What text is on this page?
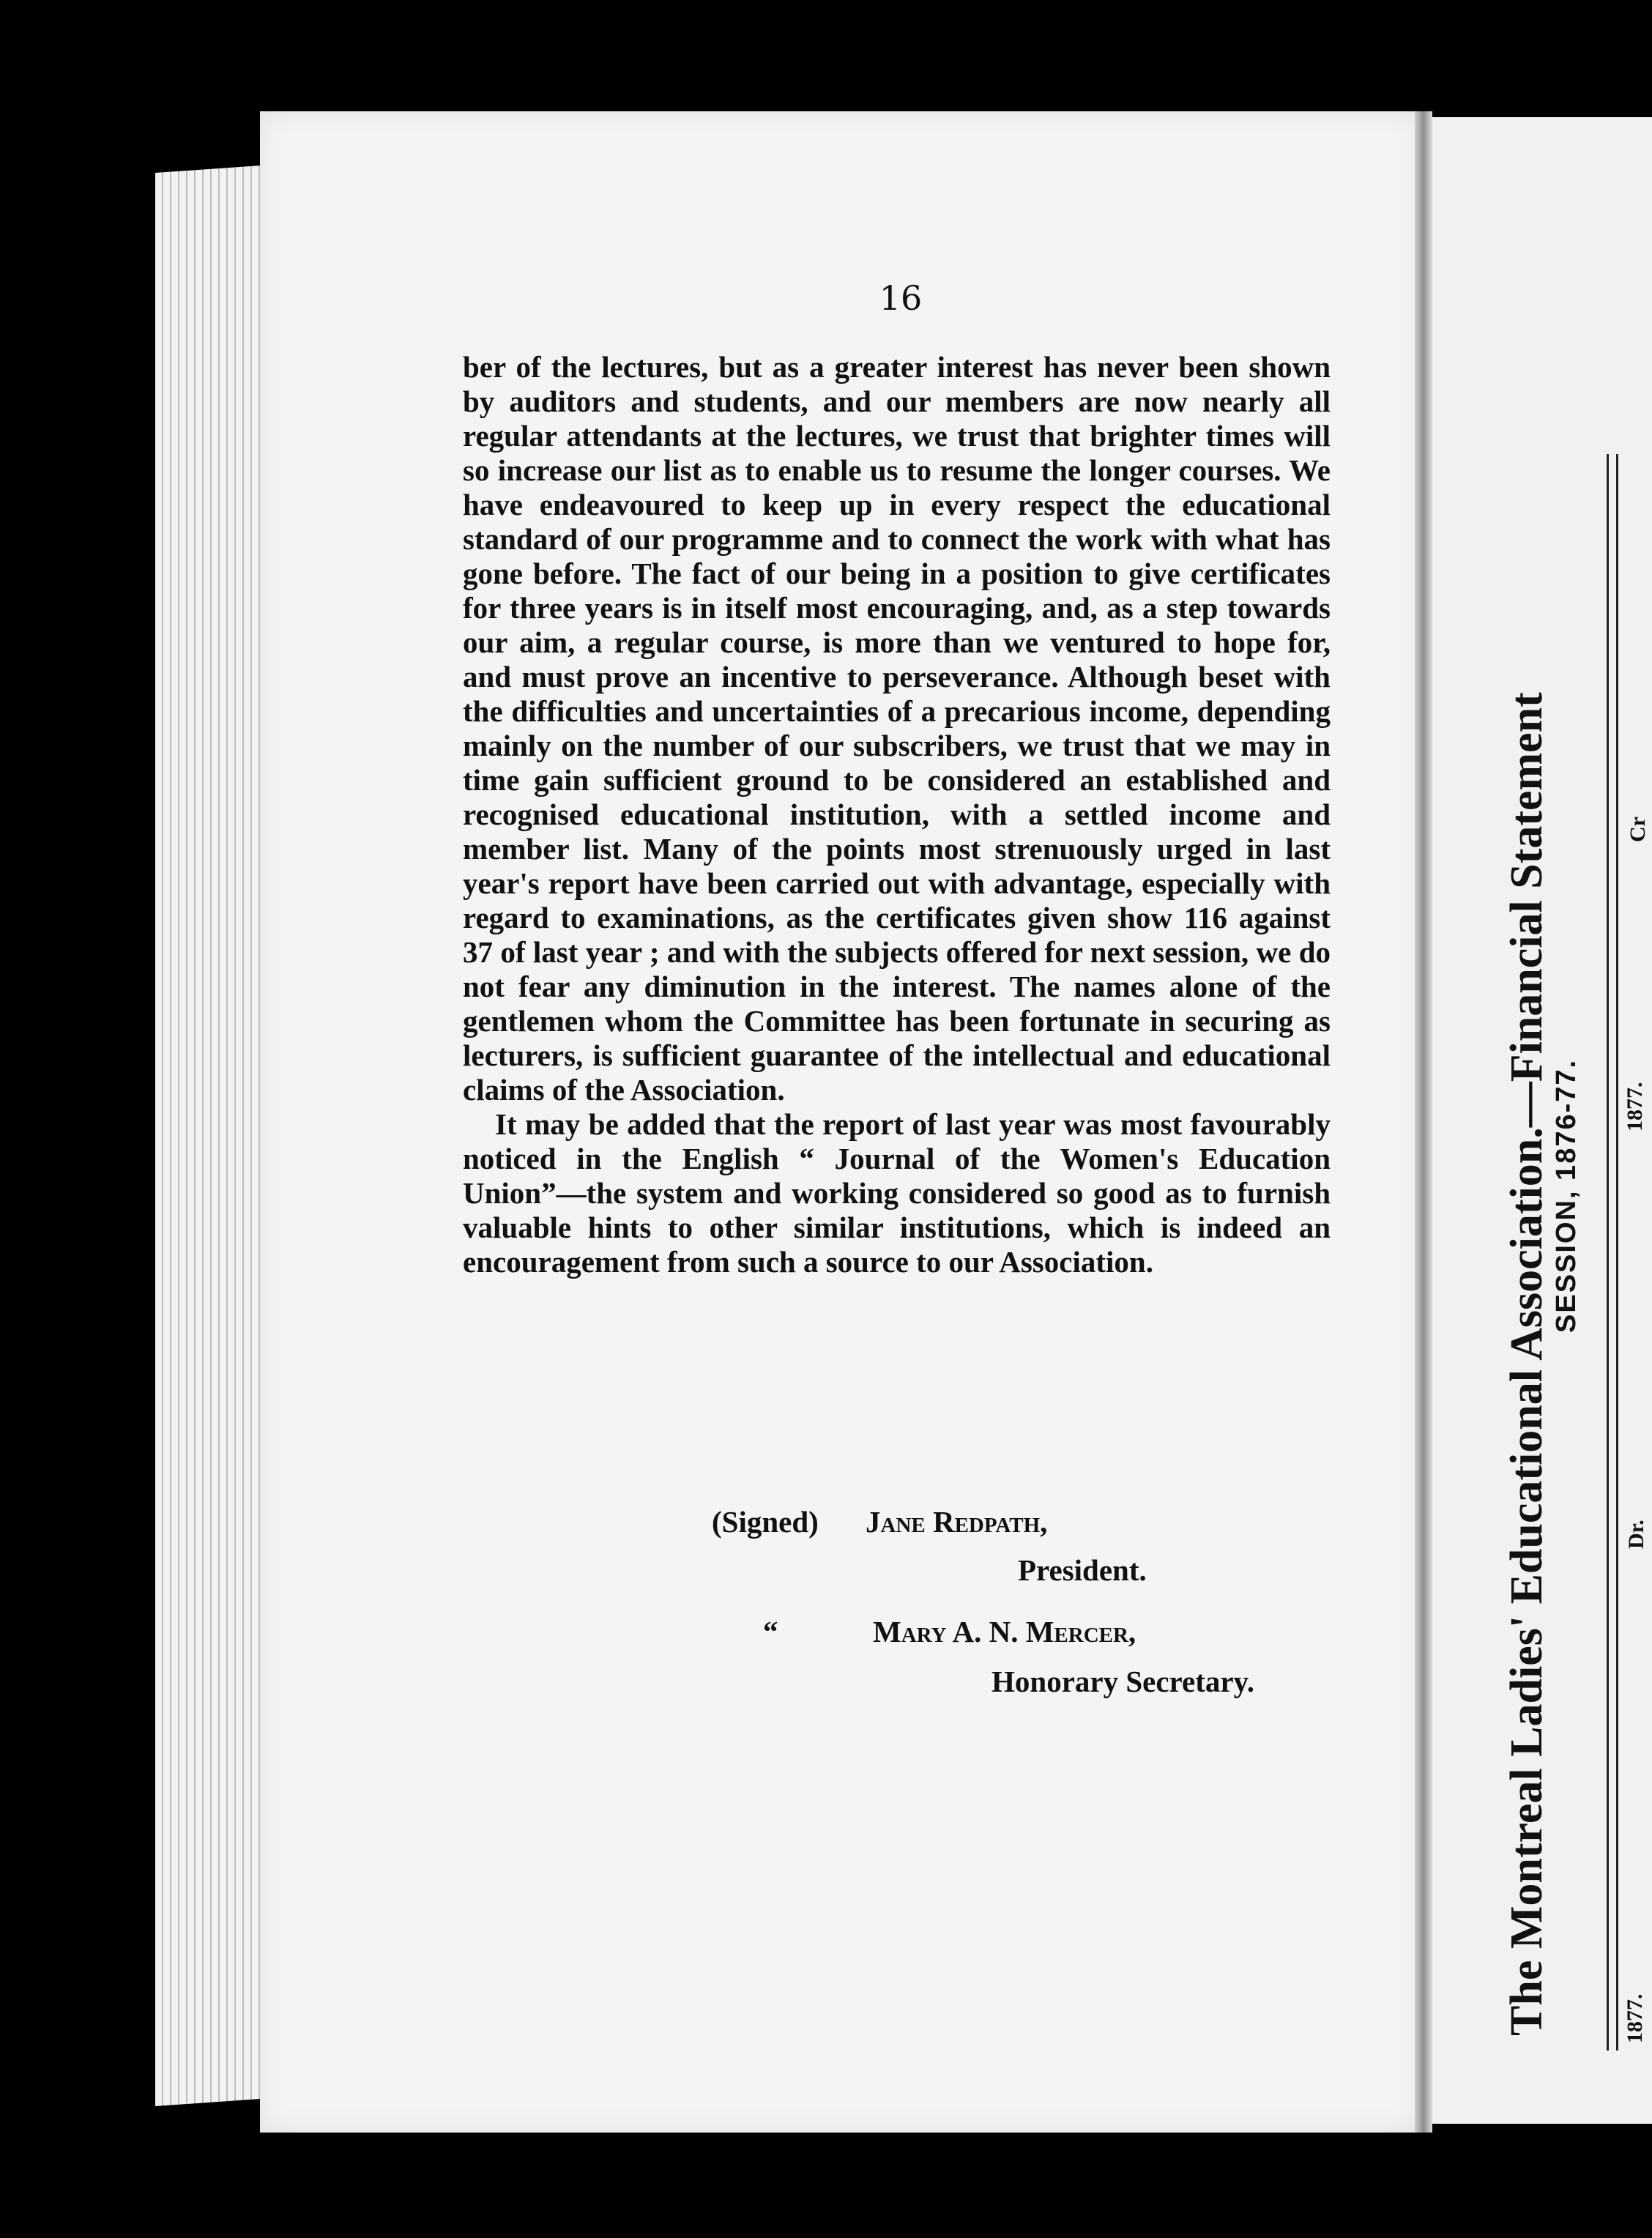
16

ber of the lectures, but as a greater interest has never been shown by auditors and students, and our members are now nearly all regular attendants at the lectures, we trust that brighter times will so increase our list as to enable us to resume the longer courses. We have endeavoured to keep up in every respect the educational standard of our programme and to connect the work with what has gone before. The fact of our being in a position to give certificates for three years is in itself most encouraging, and, as a step towards our aim, a regular course, is more than we ventured to hope for, and must prove an incentive to perseverance. Although beset with the difficulties and uncertainties of a precarious income, depending mainly on the number of our subscribers, we trust that we may in time gain sufficient ground to be considered an established and recognised educational institution, with a settled income and member list. Many of the points most strenuously urged in last year's report have been carried out with advantage, especially with regard to examinations, as the certificates given show 116 against 37 of last year ; and with the subjects offered for next session, we do not fear any diminution in the interest. The names alone of the gentlemen whom the Committee has been fortunate in securing as lecturers, is sufficient guarantee of the intellectual and educational claims of the Association.

It may be added that the report of last year was most favourably noticed in the English “ Journal of the Women's Education Union”—the system and working considered so good as to furnish valuable hints to other similar institutions, which is indeed an encouragement from such a source to our Association.

(Signed) Jane Redpath,
President.
“	Mary A. N. Mercer,
Honorary Secretary.	The Montreal Ladies' Educational Association.—Financial Statement SESSION, 1876-77. 1877.
1877.
Dr.
Cr
